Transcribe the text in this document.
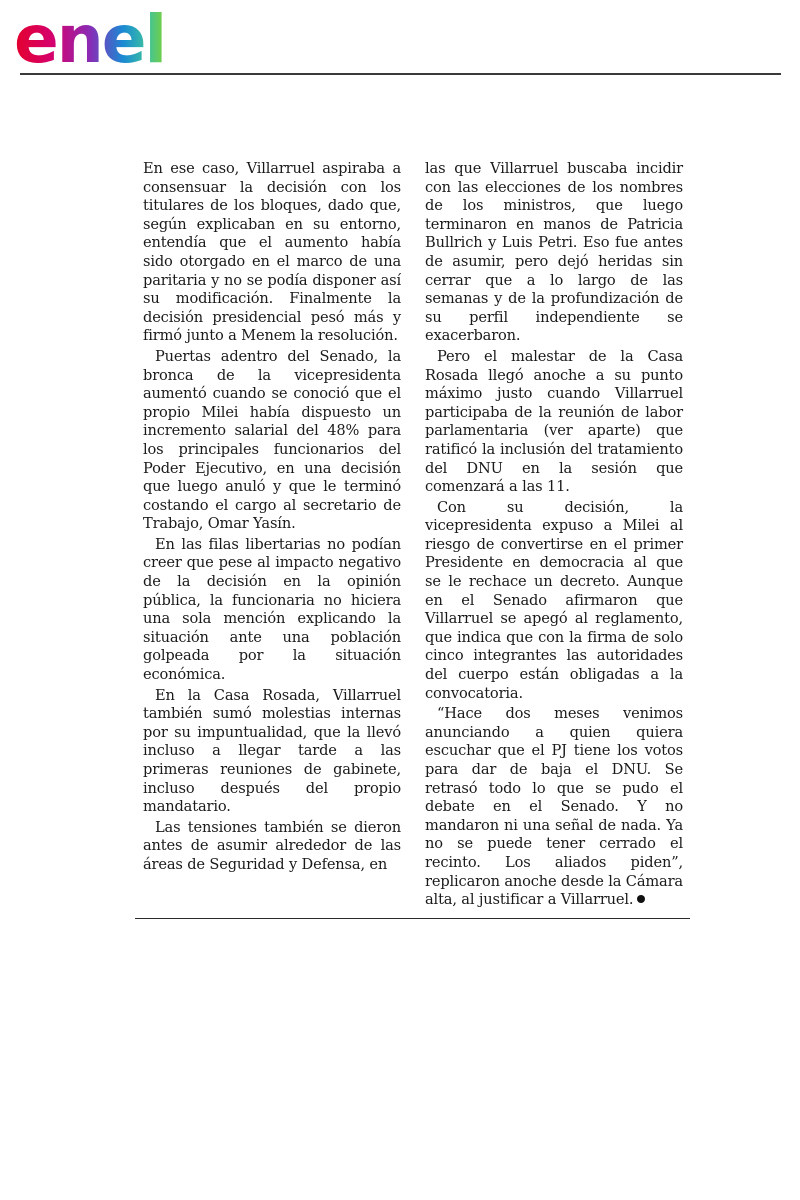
enel

En ese caso, Villarruel aspiraba a consensuar la decisión con los titulares de los bloques, dado que, según explicaban en su entorno, entendía que el aumento había sido otorgado en el marco de una paritaria y no se podía disponer así su modificación. Finalmente la decisión presidencial pesó más y firmó junto a Menem la resolución.

Puertas adentro del Senado, la bronca de la vicepresidenta aumentó cuando se conoció que el propio Milei había dispuesto un incremento salarial del 48% para los principales funcionarios del Poder Ejecutivo, en una decisión que luego anuló y que le terminó costando el cargo al secretario de Trabajo, Omar Yasín.

En las filas libertarias no podían creer que pese al impacto negativo de la decisión en la opinión pública, la funcionaria no hiciera una sola mención explicando la situación ante una población golpeada por la situación económica.

En la Casa Rosada, Villarruel también sumó molestias internas por su impuntualidad, que la llevó incluso a llegar tarde a las primeras reuniones de gabinete, incluso después del propio mandatario.

Las tensiones también se dieron antes de asumir alrededor de las áreas de Seguridad y Defensa, en

las que Villarruel buscaba incidir con las elecciones de los nombres de los ministros, que luego terminaron en manos de Patricia Bullrich y Luis Petri. Eso fue antes de asumir, pero dejó heridas sin cerrar que a lo largo de las semanas y de la profundización de su perfil independiente se exacerbaron.

Pero el malestar de la Casa Rosada llegó anoche a su punto máximo justo cuando Villarruel participaba de la reunión de labor parlamentaria (ver aparte) que ratificó la inclusión del tratamiento del DNU en la sesión que comenzará a las 11.

Con su decisión, la vicepresidenta expuso a Milei al riesgo de convertirse en el primer Presidente en democracia al que se le rechace un decreto. Aunque en el Senado afirmaron que Villarruel se apegó al reglamento, que indica que con la firma de solo cinco integrantes las autoridades del cuerpo están obligadas a la convocatoria.

“Hace dos meses venimos anunciando a quien quiera escuchar que el PJ tiene los votos para dar de baja el DNU. Se retrasó todo lo que se pudo el debate en el Senado. Y no mandaron ni una señal de nada. Ya no se puede tener cerrado el recinto. Los aliados piden”, replicaron anoche desde la Cámara alta, al justificar a Villarruel.
